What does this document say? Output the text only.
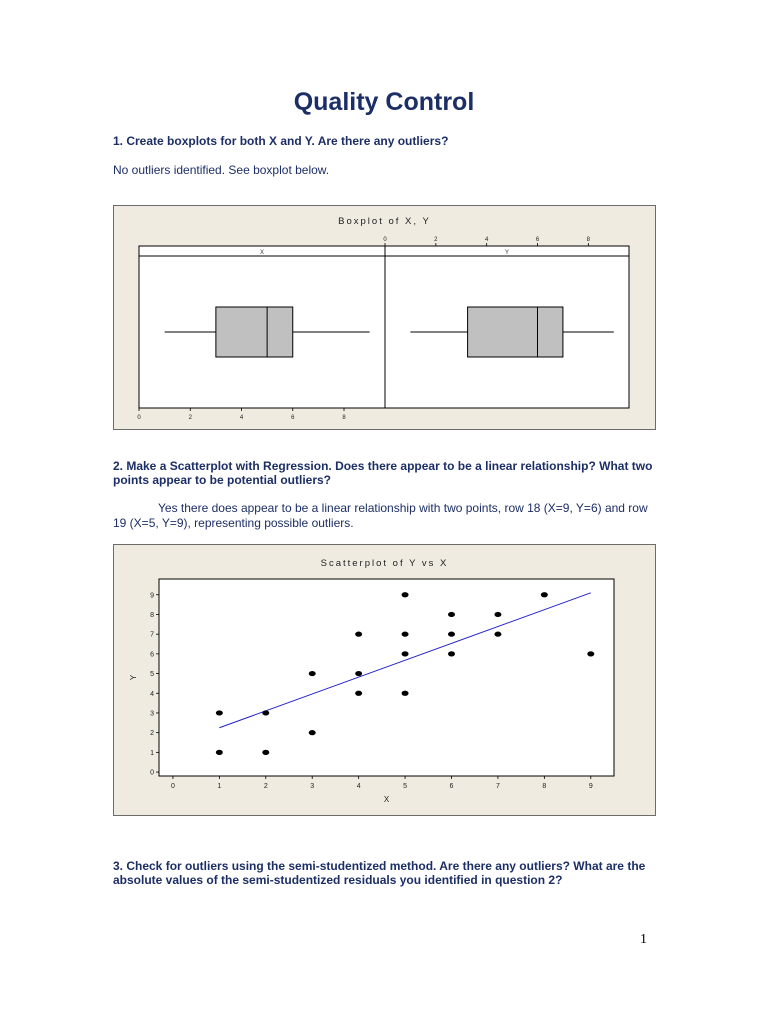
Quality Control
1. Create boxplots for both X and Y. Are there any outliers?
No outliers identified. See boxplot below.
Boxplot of X, Y
X
0	2	4	6	8
Y
0	2	4	6	8
2. Make a Scatterplot with Regression. Does there appear to be a linear relationship? What two points appear to be potential outliers?
Yes there does appear to be a linear relationship with two points, row 18 (X=9, Y=6) and row 19 (X=5, Y=9), representing possible outliers.
Scatterplot of Y vs X
0	1	2	3	4	5	6	7	8	9
0
1
2
3
4
5
6
7
8
9
X
Y
3. Check for outliers using the semi-studentized method. Are there any outliers? What are the absolute values of the semi-studentized residuals you identified in question 2?
1
